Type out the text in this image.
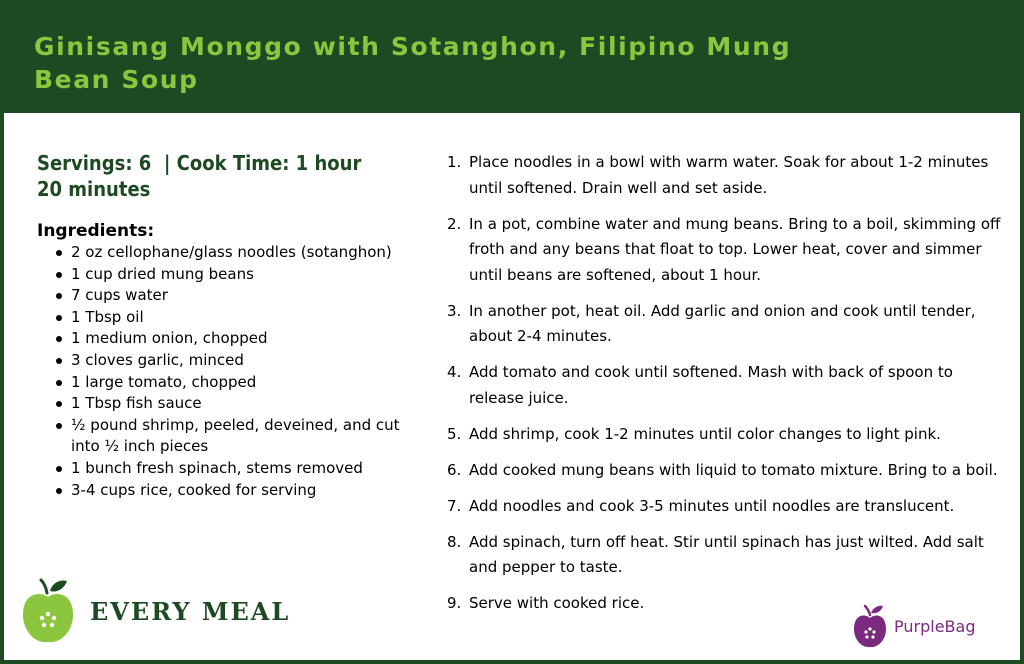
Ginisang Monggo with Sotanghon, Filipino Mung Bean Soup

Servings: 6  | Cook Time: 1 hour
20 minutes

Ingredients:

2 oz cellophane/glass noodles (sotanghon)
1 cup dried mung beans
7 cups water
1 Tbsp oil
1 medium onion, chopped
3 cloves garlic, minced
1 large tomato, chopped
1 Tbsp fish sauce
½ pound shrimp, peeled, deveined, and cut into ½ inch pieces
1 bunch fresh spinach, stems removed
3-4 cups rice, cooked for serving
1. Place noodles in a bowl with warm water. Soak for about 1-2 minutes until softened. Drain well and set aside.
2. In a pot, combine water and mung beans. Bring to a boil, skimming off froth and any beans that float to top. Lower heat, cover and simmer until beans are softened, about 1 hour.
3. In another pot, heat oil. Add garlic and onion and cook until tender, about 2-4 minutes.
4. Add tomato and cook until softened. Mash with back of spoon to release juice.
5. Add shrimp, cook 1-2 minutes until color changes to light pink.
6. Add cooked mung beans with liquid to tomato mixture. Bring to a boil.
7. Add noodles and cook 3-5 minutes until noodles are translucent.
8. Add spinach, turn off heat. Stir until spinach has just wilted. Add salt and pepper to taste.
9. Serve with cooked rice.
EVERY MEAL
PurpleBag
